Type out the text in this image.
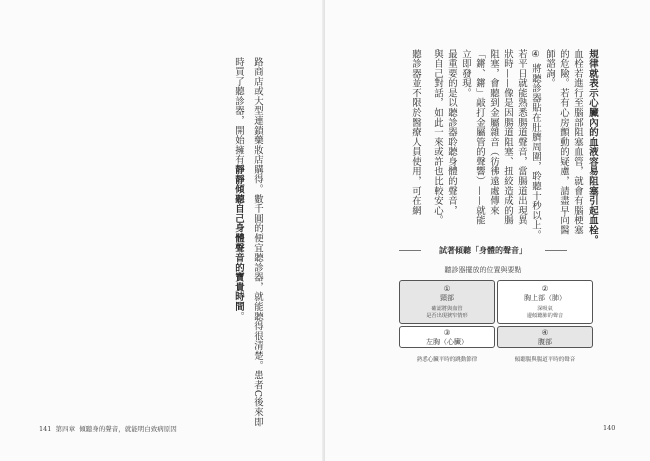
路商店或大型連鎖藥妝店購得。數千圓的便宜聽診器，就能聽得很清楚。患者C後來即
時買了聽診器，開始擁有靜靜傾聽自己身體聲音的寶貴時間。
141 第四章 傾聽身的聲音，就能明白致病原因
規律就表示心臟內的血液容易阻塞引起血栓。
血栓若進行至腦部阻塞血管，就會有腦梗塞
的危險。若有心房顫動的疑慮，請盡早向醫
師諮詢。
④ 將聽診器貼在肚臍周圍，聆聽十秒以上。
若平日就能熟悉腸道聲音，當腸道出現異
狀時——像是因腸道阻塞、扭絞造成的腸
阻塞，會聽到金屬雜音（彷彿遠處傳來
「鏘、鏘」敲打金屬管的聲響）——就能
立即發現。
最重要的是以聽診器聆聽身體的聲音，
與自己對話，如此一來或許也比較安心。
聽診器並不限於醫療人員使用，可在網
140
試著傾聽「身體的聲音」
聽診器擺放的位置與要點
①
頸部
確認將與血管
是否出現狹窄情形
②
胸上部（肺）
深吸氣
邊傾聽肺的聲音
③
左胸（心臟）
熟悉心臟平時的跳動節律
④
腹部
傾聽腸與腸道平時的聲音
